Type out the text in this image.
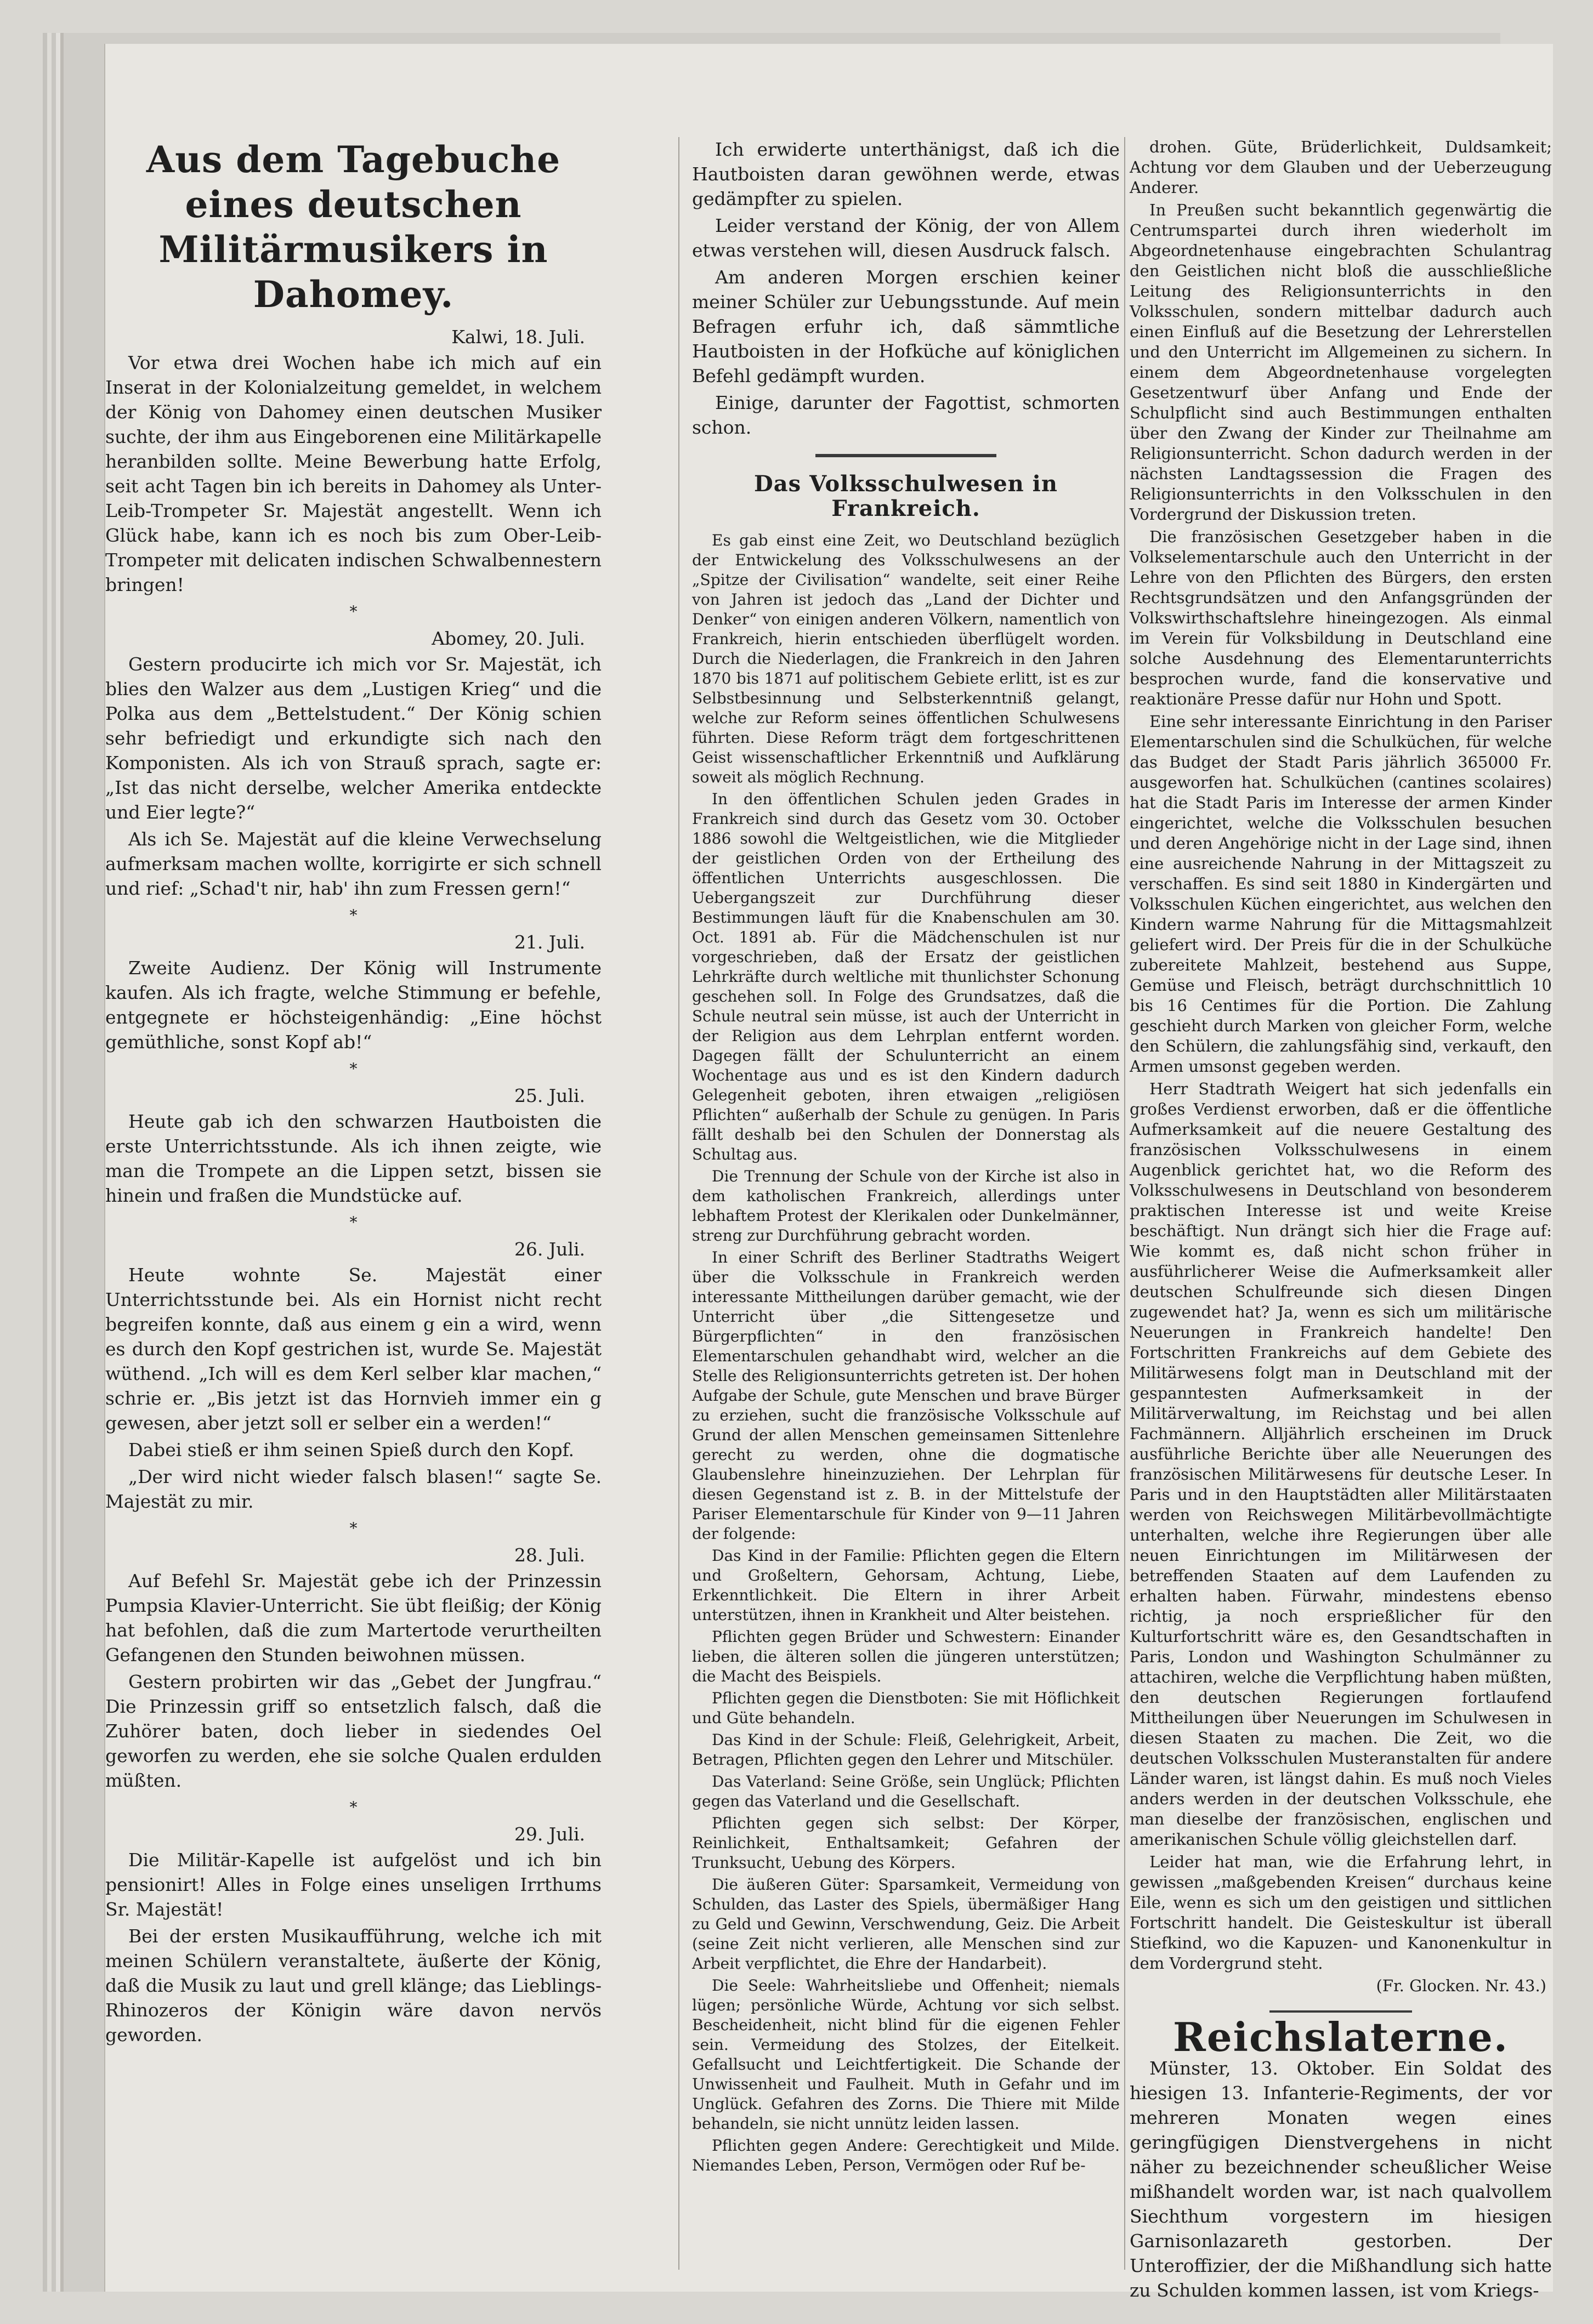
Aus dem Tagebuche eines deutschen Militärmusikers in Dahomey.
Kalwi, 18. Juli.

Vor etwa drei Wochen habe ich mich auf ein Inserat in der Kolonialzeitung gemeldet, in welchem der König von Dahomey einen deutschen Musiker suchte, der ihm aus Eingeborenen eine Militärkapelle heranbilden sollte. Meine Bewerbung hatte Erfolg, seit acht Tagen bin ich bereits in Dahomey als Unter-Leib-Trompeter Sr. Majestät angestellt. Wenn ich Glück habe, kann ich es noch bis zum Ober-Leib-Trompeter mit delicaten indischen Schwalbennestern bringen!

*
Abomey, 20. Juli.

Gestern producirte ich mich vor Sr. Majestät, ich blies den Walzer aus dem „Lustigen Krieg“ und die Polka aus dem „Bettelstudent.“ Der König schien sehr befriedigt und erkundigte sich nach den Komponisten. Als ich von Strauß sprach, sagte er: „Ist das nicht derselbe, welcher Amerika entdeckte und Eier legte?“

Als ich Se. Majestät auf die kleine Verwechselung aufmerksam machen wollte, korrigirte er sich schnell und rief: „Schad't nir, hab' ihn zum Fressen gern!“

*
21. Juli.

Zweite Audienz. Der König will Instrumente kaufen. Als ich fragte, welche Stimmung er befehle, entgegnete er höchsteigenhändig: „Eine höchst gemüthliche, sonst Kopf ab!“

*
25. Juli.

Heute gab ich den schwarzen Hautboisten die erste Unterrichtsstunde. Als ich ihnen zeigte, wie man die Trompete an die Lippen setzt, bissen sie hinein und fraßen die Mundstücke auf.

*
26. Juli.

Heute wohnte Se. Majestät einer Unterrichtsstunde bei. Als ein Hornist nicht recht begreifen konnte, daß aus einem g ein a wird, wenn es durch den Kopf gestrichen ist, wurde Se. Majestät wüthend. „Ich will es dem Kerl selber klar machen,“ schrie er. „Bis jetzt ist das Hornvieh immer ein g gewesen, aber jetzt soll er selber ein a werden!“

Dabei stieß er ihm seinen Spieß durch den Kopf.

„Der wird nicht wieder falsch blasen!“ sagte Se. Majestät zu mir.

*
28. Juli.

Auf Befehl Sr. Majestät gebe ich der Prinzessin Pumpsia Klavier-Unterricht. Sie übt fleißig; der König hat befohlen, daß die zum Martertode verurtheilten Gefangenen den Stunden beiwohnen müssen.

Gestern probirten wir das „Gebet der Jungfrau.“ Die Prinzessin griff so entsetzlich falsch, daß die Zuhörer baten, doch lieber in siedendes Oel geworfen zu werden, ehe sie solche Qualen erdulden müßten.

*
29. Juli.

Die Militär-Kapelle ist aufgelöst und ich bin pensionirt! Alles in Folge eines unseligen Irrthums Sr. Majestät!

Bei der ersten Musikaufführung, welche ich mit meinen Schülern veranstaltete, äußerte der König, daß die Musik zu laut und grell klänge; das Lieblings-Rhinozeros der Königin wäre davon nervös geworden.

Ich erwiderte unterthänigst, daß ich die Hautboisten daran gewöhnen werde, etwas gedämpfter zu spielen.

Leider verstand der König, der von Allem etwas verstehen will, diesen Ausdruck falsch.

Am anderen Morgen erschien keiner meiner Schüler zur Uebungsstunde. Auf mein Befragen erfuhr ich, daß sämmtliche Hautboisten in der Hofküche auf königlichen Befehl gedämpft wurden.

Einige, darunter der Fagottist, schmorten schon.

Das Volksschulwesen in Frankreich.

Es gab einst eine Zeit, wo Deutschland bezüglich der Entwickelung des Volksschulwesens an der „Spitze der Civilisation“ wandelte, seit einer Reihe von Jahren ist jedoch das „Land der Dichter und Denker“ von einigen anderen Völkern, namentlich von Frankreich, hierin entschieden überflügelt worden. Durch die Niederlagen, die Frankreich in den Jahren 1870 bis 1871 auf politischem Gebiete erlitt, ist es zur Selbstbesinnung und Selbsterkenntniß gelangt, welche zur Reform seines öffentlichen Schulwesens führten. Diese Reform trägt dem fortgeschrittenen Geist wissenschaftlicher Erkenntniß und Aufklärung soweit als möglich Rechnung.

In den öffentlichen Schulen jeden Grades in Frankreich sind durch das Gesetz vom 30. October 1886 sowohl die Weltgeistlichen, wie die Mitglieder der geistlichen Orden von der Ertheilung des öffentlichen Unterrichts ausgeschlossen. Die Uebergangszeit zur Durchführung dieser Bestimmungen läuft für die Knabenschulen am 30. Oct. 1891 ab. Für die Mädchenschulen ist nur vorgeschrieben, daß der Ersatz der geistlichen Lehrkräfte durch weltliche mit thunlichster Schonung geschehen soll. In Folge des Grundsatzes, daß die Schule neutral sein müsse, ist auch der Unterricht in der Religion aus dem Lehrplan entfernt worden. Dagegen fällt der Schulunterricht an einem Wochentage aus und es ist den Kindern dadurch Gelegenheit geboten, ihren etwaigen „religiösen Pflichten“ außerhalb der Schule zu genügen. In Paris fällt deshalb bei den Schulen der Donnerstag als Schultag aus.

Die Trennung der Schule von der Kirche ist also in dem katholischen Frankreich, allerdings unter lebhaftem Protest der Klerikalen oder Dunkelmänner, streng zur Durchführung gebracht worden.

In einer Schrift des Berliner Stadtraths Weigert über die Volksschule in Frankreich werden interessante Mittheilungen darüber gemacht, wie der Unterricht über „die Sittengesetze und Bürgerpflichten“ in den französischen Elementarschulen gehandhabt wird, welcher an die Stelle des Religionsunterrichts getreten ist. Der hohen Aufgabe der Schule, gute Menschen und brave Bürger zu erziehen, sucht die französische Volksschule auf Grund der allen Menschen gemeinsamen Sittenlehre gerecht zu werden, ohne die dogmatische Glaubenslehre hineinzuziehen. Der Lehrplan für diesen Gegenstand ist z. B. in der Mittelstufe der Pariser Elementarschule für Kinder von 9—11 Jahren der folgende:

Das Kind in der Familie: Pflichten gegen die Eltern und Großeltern, Gehorsam, Achtung, Liebe, Erkenntlichkeit. Die Eltern in ihrer Arbeit unterstützen, ihnen in Krankheit und Alter beistehen.

Pflichten gegen Brüder und Schwestern: Einander lieben, die älteren sollen die jüngeren unterstützen; die Macht des Beispiels.

Pflichten gegen die Dienstboten: Sie mit Höflichkeit und Güte behandeln.

Das Kind in der Schule: Fleiß, Gelehrigkeit, Arbeit, Betragen, Pflichten gegen den Lehrer und Mitschüler.

Das Vaterland: Seine Größe, sein Unglück; Pflichten gegen das Vaterland und die Gesellschaft.

Pflichten gegen sich selbst: Der Körper, Reinlichkeit, Enthaltsamkeit; Gefahren der Trunksucht, Uebung des Körpers.

Die äußeren Güter: Sparsamkeit, Vermeidung von Schulden, das Laster des Spiels, übermäßiger Hang zu Geld und Gewinn, Verschwendung, Geiz. Die Arbeit (seine Zeit nicht verlieren, alle Menschen sind zur Arbeit verpflichtet, die Ehre der Handarbeit).

Die Seele: Wahrheitsliebe und Offenheit; niemals lügen; persönliche Würde, Achtung vor sich selbst. Bescheidenheit, nicht blind für die eigenen Fehler sein. Vermeidung des Stolzes, der Eitelkeit. Gefallsucht und Leichtfertigkeit. Die Schande der Unwissenheit und Faulheit. Muth in Gefahr und im Unglück. Gefahren des Zorns. Die Thiere mit Milde behandeln, sie nicht unnütz leiden lassen.

Pflichten gegen Andere: Gerechtigkeit und Milde. Niemandes Leben, Person, Vermögen oder Ruf be-

drohen. Güte, Brüderlichkeit, Duldsamkeit; Achtung vor dem Glauben und der Ueberzeugung Anderer.

In Preußen sucht bekanntlich gegenwärtig die Centrumspartei durch ihren wiederholt im Abgeordnetenhause eingebrachten Schulantrag den Geistlichen nicht bloß die ausschließliche Leitung des Religionsunterrichts in den Volksschulen, sondern mittelbar dadurch auch einen Einfluß auf die Besetzung der Lehrerstellen und den Unterricht im Allgemeinen zu sichern. In einem dem Abgeordnetenhause vorgelegten Gesetzentwurf über Anfang und Ende der Schulpflicht sind auch Bestimmungen enthalten über den Zwang der Kinder zur Theilnahme am Religionsunterricht. Schon dadurch werden in der nächsten Landtagssession die Fragen des Religionsunterrichts in den Volksschulen in den Vordergrund der Diskussion treten.

Die französischen Gesetzgeber haben in die Volkselementarschule auch den Unterricht in der Lehre von den Pflichten des Bürgers, den ersten Rechtsgrundsätzen und den Anfangsgründen der Volkswirthschaftslehre hineingezogen. Als einmal im Verein für Volksbildung in Deutschland eine solche Ausdehnung des Elementarunterrichts besprochen wurde, fand die konservative und reaktionäre Presse dafür nur Hohn und Spott.

Eine sehr interessante Einrichtung in den Pariser Elementarschulen sind die Schulküchen, für welche das Budget der Stadt Paris jährlich 365000 Fr. ausgeworfen hat. Schulküchen (cantines scolaires) hat die Stadt Paris im Interesse der armen Kinder eingerichtet, welche die Volksschulen besuchen und deren Angehörige nicht in der Lage sind, ihnen eine ausreichende Nahrung in der Mittagszeit zu verschaffen. Es sind seit 1880 in Kindergärten und Volksschulen Küchen eingerichtet, aus welchen den Kindern warme Nahrung für die Mittagsmahlzeit geliefert wird. Der Preis für die in der Schulküche zubereitete Mahlzeit, bestehend aus Suppe, Gemüse und Fleisch, beträgt durchschnittlich 10 bis 16 Centimes für die Portion. Die Zahlung geschieht durch Marken von gleicher Form, welche den Schülern, die zahlungsfähig sind, verkauft, den Armen umsonst gegeben werden.

Herr Stadtrath Weigert hat sich jedenfalls ein großes Verdienst erworben, daß er die öffentliche Aufmerksamkeit auf die neuere Gestaltung des französischen Volksschulwesens in einem Augenblick gerichtet hat, wo die Reform des Volksschulwesens in Deutschland von besonderem praktischen Interesse ist und weite Kreise beschäftigt. Nun drängt sich hier die Frage auf: Wie kommt es, daß nicht schon früher in ausführlicherer Weise die Aufmerksamkeit aller deutschen Schulfreunde sich diesen Dingen zugewendet hat? Ja, wenn es sich um militärische Neuerungen in Frankreich handelte! Den Fortschritten Frankreichs auf dem Gebiete des Militärwesens folgt man in Deutschland mit der gespanntesten Aufmerksamkeit in der Militärverwaltung, im Reichstag und bei allen Fachmännern. Alljährlich erscheinen im Druck ausführliche Berichte über alle Neuerungen des französischen Militärwesens für deutsche Leser. In Paris und in den Hauptstädten aller Militärstaaten werden von Reichswegen Militärbevollmächtigte unterhalten, welche ihre Regierungen über alle neuen Einrichtungen im Militärwesen der betreffenden Staaten auf dem Laufenden zu erhalten haben. Fürwahr, mindestens ebenso richtig, ja noch ersprießlicher für den Kulturfortschritt wäre es, den Gesandtschaften in Paris, London und Washington Schulmänner zu attachiren, welche die Verpflichtung haben müßten, den deutschen Regierungen fortlaufend Mittheilungen über Neuerungen im Schulwesen in diesen Staaten zu machen. Die Zeit, wo die deutschen Volksschulen Musteranstalten für andere Länder waren, ist längst dahin. Es muß noch Vieles anders werden in der deutschen Volksschule, ehe man dieselbe der französischen, englischen und amerikanischen Schule völlig gleichstellen darf.

Leider hat man, wie die Erfahrung lehrt, in gewissen „maßgebenden Kreisen“ durchaus keine Eile, wenn es sich um den geistigen und sittlichen Fortschritt handelt. Die Geisteskultur ist überall Stiefkind, wo die Kapuzen- und Kanonenkultur in dem Vordergrund steht.

(Fr. Glocken. Nr. 43.)
Reichslaterne.

Münster, 13. Oktober. Ein Soldat des hiesigen 13. Infanterie-Regiments, der vor mehreren Monaten wegen eines geringfügigen Dienstvergehens in nicht näher zu bezeichnender scheußlicher Weise mißhandelt worden war, ist nach qualvollem Siechthum vorgestern im hiesigen Garnisonlazareth gestorben. Der Unteroffizier, der die Mißhandlung sich hatte zu Schulden kommen lassen, ist vom Kriegs-
